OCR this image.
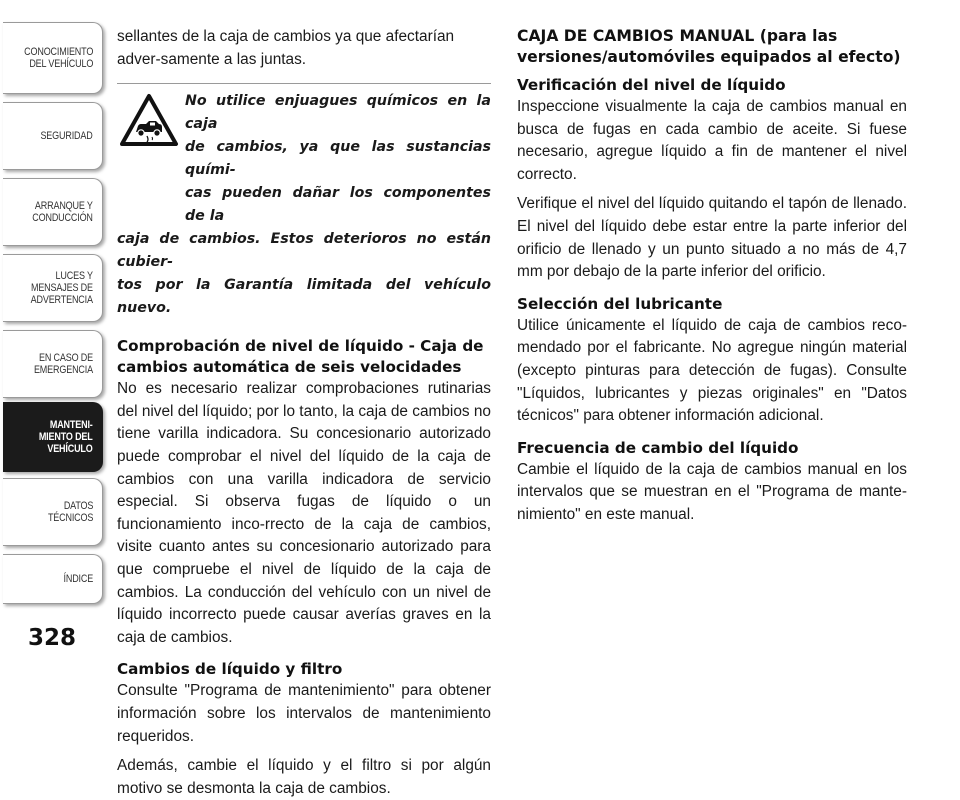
CONOCIMIENTO
DEL VEHÍCULO
SEGURIDAD
ARRANQUE Y
CONDUCCIÓN
LUCES Y
MENSAJES DE
ADVERTENCIA
EN CASO DE
EMERGENCIA
MANTENI-
MIENTO DEL
VEHÍCULO
DATOS
TÉCNICOS
ÍNDICE
328

sellantes de la caja de cambios ya que afectarían adver-samente a las juntas.

No utilice enjuagues químicos en la caja
de cambios, ya que las sustancias quími-
cas pueden dañar los componentes de la
caja de cambios. Estos deterioros no están cubier-
tos por la Garantía limitada del vehículo nuevo.

Comprobación de nivel de líquido - Caja de cambios automática de seis velocidades

No es necesario realizar comprobaciones rutinarias del nivel del líquido; por lo tanto, la caja de cambios no tiene varilla indicadora. Su concesionario autorizado puede comprobar el nivel del líquido de la caja de cambios con una varilla indicadora de servicio especial. Si observa fugas de líquido o un funcionamiento inco-rrecto de la caja de cambios, visite cuanto antes su concesionario autorizado para que compruebe el nivel de líquido de la caja de cambios. La conducción del vehículo con un nivel de líquido incorrecto puede causar averías graves en la caja de cambios.

Cambios de líquido y filtro

Consulte "Programa de mantenimiento" para obtener información sobre los intervalos de mantenimiento requeridos.

Además, cambie el líquido y el filtro si por algún motivo se desmonta la caja de cambios.

CAJA DE CAMBIOS MANUAL (para las versiones/automóviles equipados al efecto)
Verificación del nivel de líquido

Inspeccione visualmente la caja de cambios manual en busca de fugas en cada cambio de aceite. Si fuese necesario, agregue líquido a fin de mantener el nivel correcto.

Verifique el nivel del líquido quitando el tapón de llenado. El nivel del líquido debe estar entre la parte inferior del orificio de llenado y un punto situado a no más de 4,7 mm por debajo de la parte inferior del orificio.

Selección del lubricante

Utilice únicamente el líquido de caja de cambios reco-mendado por el fabricante. No agregue ningún material (excepto pinturas para detección de fugas). Consulte "Líquidos, lubricantes y piezas originales" en "Datos técnicos" para obtener información adicional.

Frecuencia de cambio del líquido

Cambie el líquido de la caja de cambios manual en los intervalos que se muestran en el "Programa de mante-nimiento" en este manual.
